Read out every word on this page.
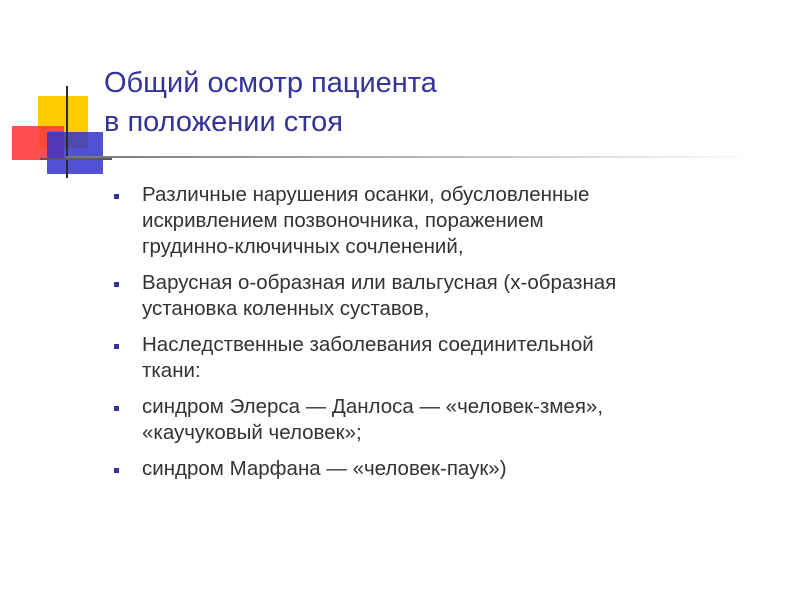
Общий осмотр пациента
в положении стоя
Различные нарушения осанки, обусловленные
искривлением позвоночника, поражением
грудинно-ключичных сочленений,
Варусная о-образная или вальгусная (х-образная
установка коленных суставов,
Наследственные заболевания соединительной
ткани:
синдром Элерса — Данлоса — «человек-змея»,
«каучуковый человек»;
синдром Марфана — «человек-паук»)
